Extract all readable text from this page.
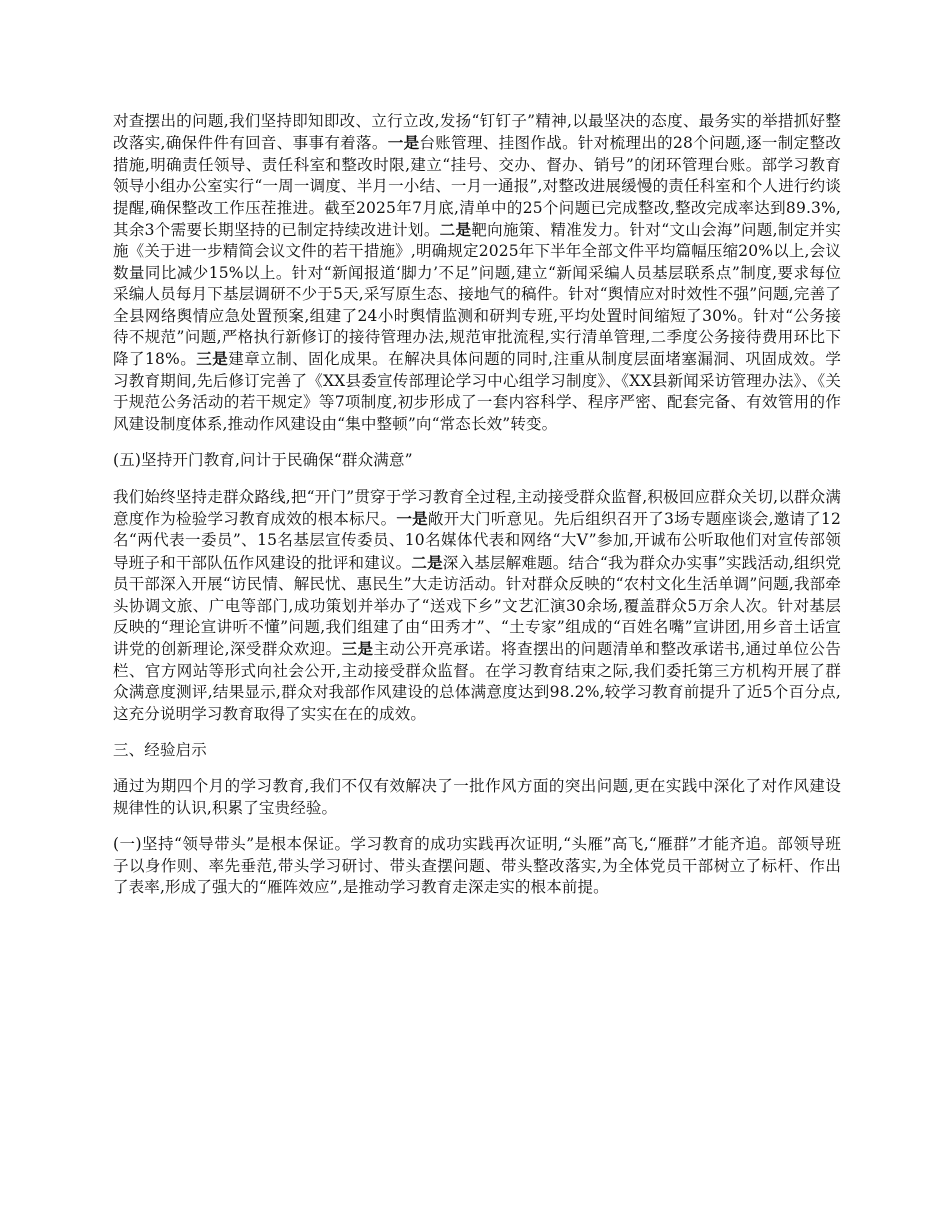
对查摆出的问题,我们坚持即知即改、立行立改,发扬“钉钉子”精神,以最坚决的态度、最务实的举措抓好整改落实,确保件件有回音、事事有着落。一是台账管理、挂图作战。针对梳理出的28个问题,逐一制定整改措施,明确责任领导、责任科室和整改时限,建立“挂号、交办、督办、销号”的闭环管理台账。部学习教育领导小组办公室实行“一周一调度、半月一小结、一月一通报”,对整改进展缓慢的责任科室和个人进行约谈提醒,确保整改工作压茬推进。截至2025年7月底,清单中的25个问题已完成整改,整改完成率达到89.3%,其余3个需要长期坚持的已制定持续改进计划。二是靶向施策、精准发力。针对“文山会海”问题,制定并实施《关于进一步精简会议文件的若干措施》,明确规定2025年下半年全部文件平均篇幅压缩20%以上,会议数量同比减少15%以上。针对“新闻报道‘脚力’不足”问题,建立“新闻采编人员基层联系点”制度,要求每位采编人员每月下基层调研不少于5天,采写原生态、接地气的稿件。针对“舆情应对时效性不强”问题,完善了全县网络舆情应急处置预案,组建了24小时舆情监测和研判专班,平均处置时间缩短了30%。针对“公务接待不规范”问题,严格执行新修订的接待管理办法,规范审批流程,实行清单管理,二季度公务接待费用环比下降了18%。三是建章立制、固化成果。在解决具体问题的同时,注重从制度层面堵塞漏洞、巩固成效。学习教育期间,先后修订完善了《XX县委宣传部理论学习中心组学习制度》、《XX县新闻采访管理办法》、《关于规范公务活动的若干规定》等7项制度,初步形成了一套内容科学、程序严密、配套完备、有效管用的作风建设制度体系,推动作风建设由“集中整顿”向“常态长效”转变。

(五)坚持开门教育,问计于民确保“群众满意”

我们始终坚持走群众路线,把“开门”贯穿于学习教育全过程,主动接受群众监督,积极回应群众关切,以群众满意度作为检验学习教育成效的根本标尺。一是敞开大门听意见。先后组织召开了3场专题座谈会,邀请了12名“两代表一委员”、15名基层宣传委员、10名媒体代表和网络“大V”参加,开诚布公听取他们对宣传部领导班子和干部队伍作风建设的批评和建议。二是深入基层解难题。结合“我为群众办实事”实践活动,组织党员干部深入开展“访民情、解民忧、惠民生”大走访活动。针对群众反映的“农村文化生活单调”问题,我部牵头协调文旅、广电等部门,成功策划并举办了“送戏下乡”文艺汇演30余场,覆盖群众5万余人次。针对基层反映的“理论宣讲听不懂”问题,我们组建了由“田秀才”、“土专家”组成的“百姓名嘴”宣讲团,用乡音土话宣讲党的创新理论,深受群众欢迎。三是主动公开亮承诺。将查摆出的问题清单和整改承诺书,通过单位公告栏、官方网站等形式向社会公开,主动接受群众监督。在学习教育结束之际,我们委托第三方机构开展了群众满意度测评,结果显示,群众对我部作风建设的总体满意度达到98.2%,较学习教育前提升了近5个百分点,这充分说明学习教育取得了实实在在的成效。

三、经验启示

通过为期四个月的学习教育,我们不仅有效解决了一批作风方面的突出问题,更在实践中深化了对作风建设规律性的认识,积累了宝贵经验。

(一)坚持“领导带头”是根本保证。学习教育的成功实践再次证明,“头雁”高飞,“雁群”才能齐追。部领导班子以身作则、率先垂范,带头学习研讨、带头查摆问题、带头整改落实,为全体党员干部树立了标杆、作出了表率,形成了强大的“雁阵效应”,是推动学习教育走深走实的根本前提。
